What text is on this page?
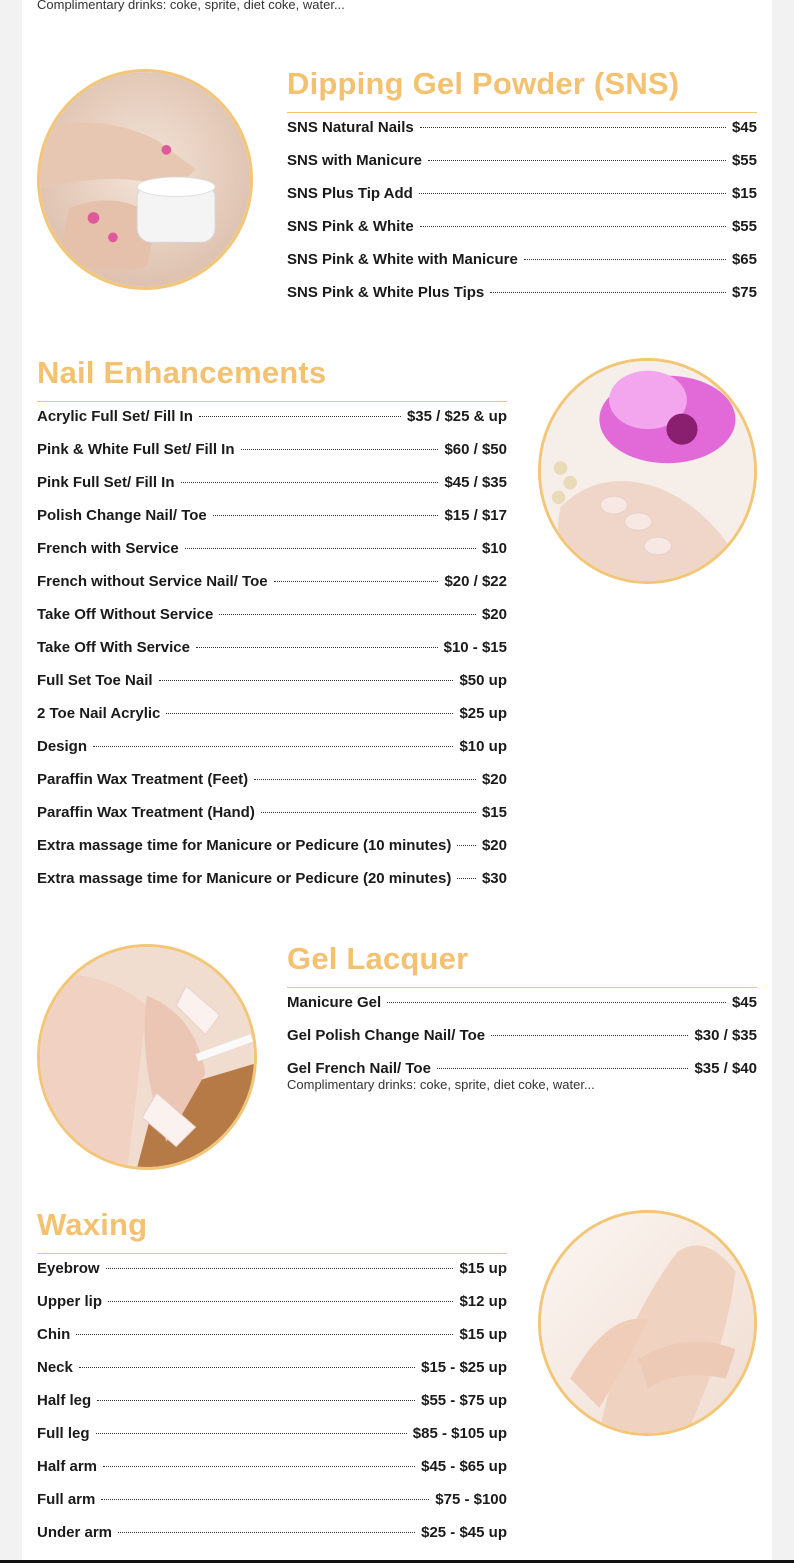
Complimentary drinks: coke, sprite, diet coke, water...
Dipping Gel Powder (SNS)
SNS Natural Nails	$45
SNS with Manicure	$55
SNS Plus Tip Add	$15
SNS Pink & White	$55
SNS Pink & White with Manicure	$65
SNS Pink & White Plus Tips	$75
Nail Enhancements
Acrylic Full Set/ Fill In	$35 / $25 & up
Pink & White Full Set/ Fill In	$60 / $50
Pink Full Set/ Fill In	$45 / $35
Polish Change Nail/ Toe	$15 / $17
French with Service	$10
French without Service Nail/ Toe	$20 / $22
Take Off Without Service	$20
Take Off With Service	$10 - $15
Full Set Toe Nail	$50 up
2 Toe Nail Acrylic	$25 up
Design	$10 up
Paraffin Wax Treatment (Feet)	$20
Paraffin Wax Treatment (Hand)	$15
Extra massage time for Manicure or Pedicure (10 minutes) $20
Extra massage time for Manicure or Pedicure (20 minutes) $30
Gel Lacquer
Manicure Gel	$45
Gel Polish Change Nail/ Toe	$30 / $35
Gel French Nail/ Toe	$35 / $40
Complimentary drinks: coke, sprite, diet coke, water...
Waxing
Eyebrow	$15 up
Upper lip	$12 up
Chin	$15 up
Neck	$15 - $25 up
Half leg	$55 - $75 up
Full leg	$85 - $105 up
Half arm	$45 - $65 up
Full arm	$75 - $100
Under arm	$25 - $45 up
